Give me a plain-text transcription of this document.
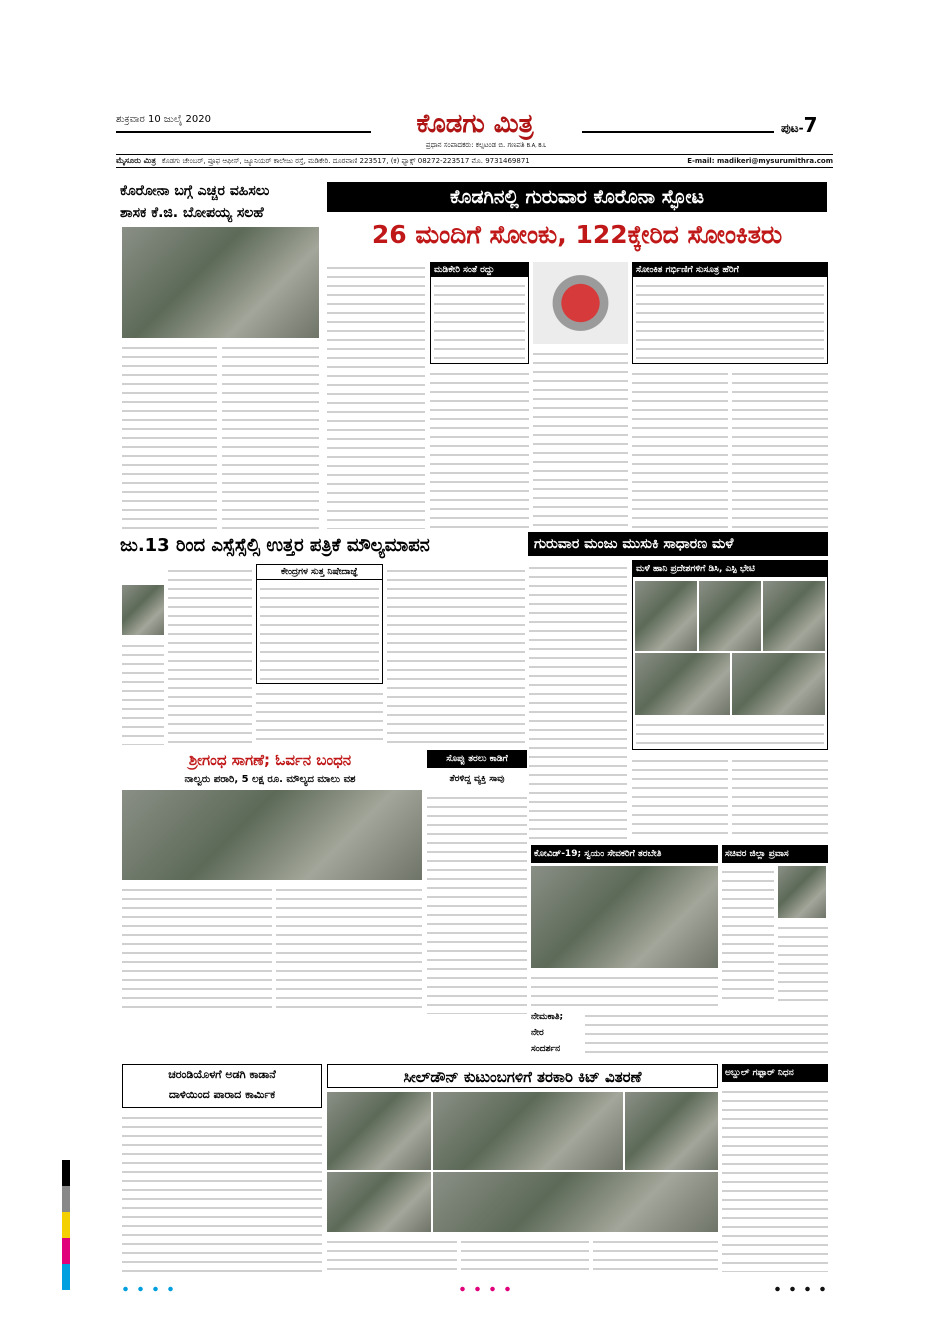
ಶುಕ್ರವಾರ 10 ಜುಲೈ 2020	ಕೊಡಗು ಮಿತ್ರ
ಪ್ರಧಾನ ಸಂಪಾದಕರು: ಕಲ್ಪಟಂಡ ಬಿ. ಗಣಪತಿ B.A, B.L
ಪುಟ-7
ಮೈಸೂರು ಮಿತ್ರ ಕೊಡಗು ಚೇಂಬರ್, ಪ್ರೂಫ ಆಫೀಸ್, ಜ್ಯೂನಿಯರ್ ಕಾಲೇಜು ರಸ್ತೆ, ಮಡಿಕೇರಿ. ದೂರವಾಣಿ 223517, (ಕ) ಫ್ಯಾಕ್ಸ್ 08272-223517 ಮೊ. 9731469871	E-mail: madikeri@mysurumithra.com
ಕೊರೋನಾ ಬಗ್ಗೆ ಎಚ್ಚರ ವಹಿಸಲು
ಶಾಸಕ ಕೆ.ಜಿ. ಬೋಪಯ್ಯ ಸಲಹೆ
ಕೊಡಗಿನಲ್ಲಿ ಗುರುವಾರ ಕೊರೊನಾ ಸ್ಫೋಟ
26 ಮಂದಿಗೆ ಸೋಂಕು, 122ಕ್ಕೇರಿದ ಸೋಂಕಿತರು
ಮಡಿಕೇರಿ ಸಂತೆ ರದ್ದು	ಸೋಂಕಿತ ಗರ್ಭಿಣಿಗೆ ಸುಸೂತ್ರ ಹೆರಿಗೆ
ಜು.13 ರಿಂದ ಎಸ್ಸೆಸ್ಸೆಲ್ಸಿ ಉತ್ತರ ಪತ್ರಿಕೆ ಮೌಲ್ಯಮಾಪನ
ಕೇಂದ್ರಗಳ ಸುತ್ತ ನಿಷೇದಾಜ್ಞೆ
ಗುರುವಾರ ಮಂಜು ಮುಸುಕಿ ಸಾಧಾರಣ ಮಳೆ
ಮಳೆ ಹಾನಿ ಪ್ರದೇಶಗಳಿಗೆ ಡಿಸಿ, ಎಸ್ಪಿ ಭೇಟಿ
ಶ್ರೀಗಂಧ ಸಾಗಣೆ; ಓರ್ವನ ಬಂಧನ
ನಾಲ್ವರು ಪರಾರಿ, 5 ಲಕ್ಷ ರೂ. ಮೌಲ್ಯದ ಮಾಲು ವಶ
ಸೊಪ್ಪು ತರಲು ಕಾಡಿಗೆ
ತೆರಳಿದ್ದ ವ್ಯಕ್ತಿ ಸಾವು
ಕೋವಿಡ್-19; ಸ್ವಯಂ ಸೇವಕರಿಗೆ ತರಬೇತಿ	ಸಚಿವರ ಜಿಲ್ಲಾ ಪ್ರವಾಸ
ನೇಮಕಾತಿ;
ನೇರ
ಸಂದರ್ಶನ
ಚರಂಡಿಯೊಳಗೆ ಅಡಗಿ ಕಾಡಾನೆ
ದಾಳಿಯಿಂದ ಪಾರಾದ ಕಾರ್ಮಿಕ
ಸೀಲ್‌ಡೌನ್ ಕುಟುಂಬಗಳಿಗೆ ತರಕಾರಿ ಕಿಟ್ ವಿತರಣೆ	ಅಬ್ದುಲ್ ಗಫ್ಪಾರ್ ನಿಧನ
